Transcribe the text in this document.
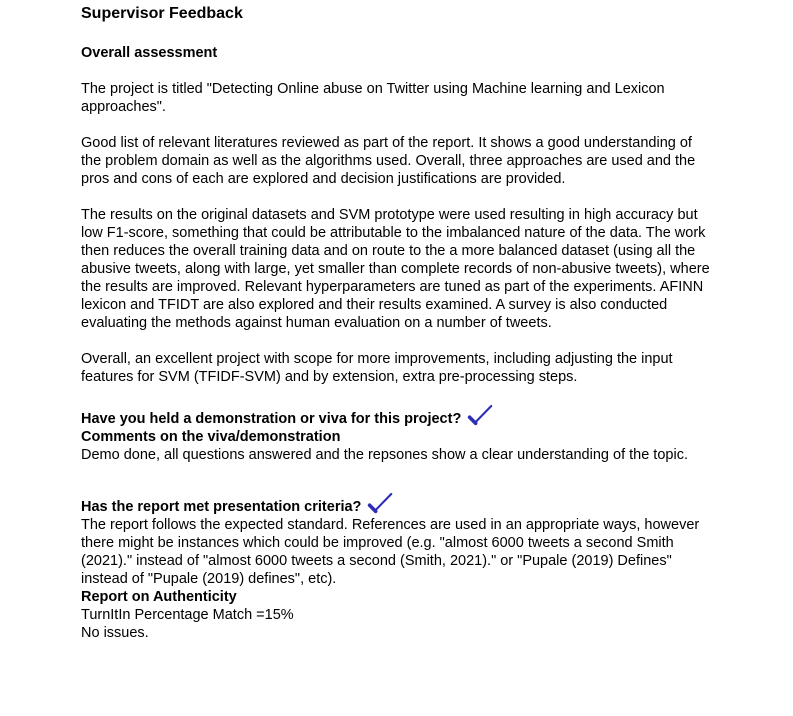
Supervisor Feedback
Overall assessment

The project is titled "Detecting Online abuse on Twitter using Machine learning and Lexicon approaches".

Good list of relevant literatures reviewed as part of the report. It shows a good understanding of the problem domain as well as the algorithms used. Overall, three approaches are used and the pros and cons of each are explored and decision justifications are provided.

The results on the original datasets and SVM prototype were used resulting in high accuracy but low F1-score, something that could be attributable to the imbalanced nature of the data. The work then reduces the overall training data and on route to the a more balanced dataset (using all the abusive tweets, along with large, yet smaller than complete records of non-abusive tweets), where the results are improved. Relevant hyperparameters are tuned as part of the experiments. AFINN lexicon and TFIDT are also explored and their results examined. A survey is also conducted evaluating the methods against human evaluation on a number of tweets.

Overall, an excellent project with scope for more improvements, including adjusting the input features for SVM (TFIDF-SVM) and by extension, extra pre-processing steps.

Have you held a demonstration or viva for this project?
Comments on the viva/demonstration

Demo done, all questions answered and the repsones show a clear understanding of the topic.

Has the report met presentation criteria?

The report follows the expected standard. References are used in an appropriate ways, however there might be instances which could be improved (e.g. "almost 6000 tweets a second Smith (2021)." instead of "almost 6000 tweets a second (Smith, 2021)." or "Pupale (2019) Defines" instead of "Pupale (2019) defines", etc).

Report on Authenticity

TurnItIn Percentage Match =15%

No issues.
